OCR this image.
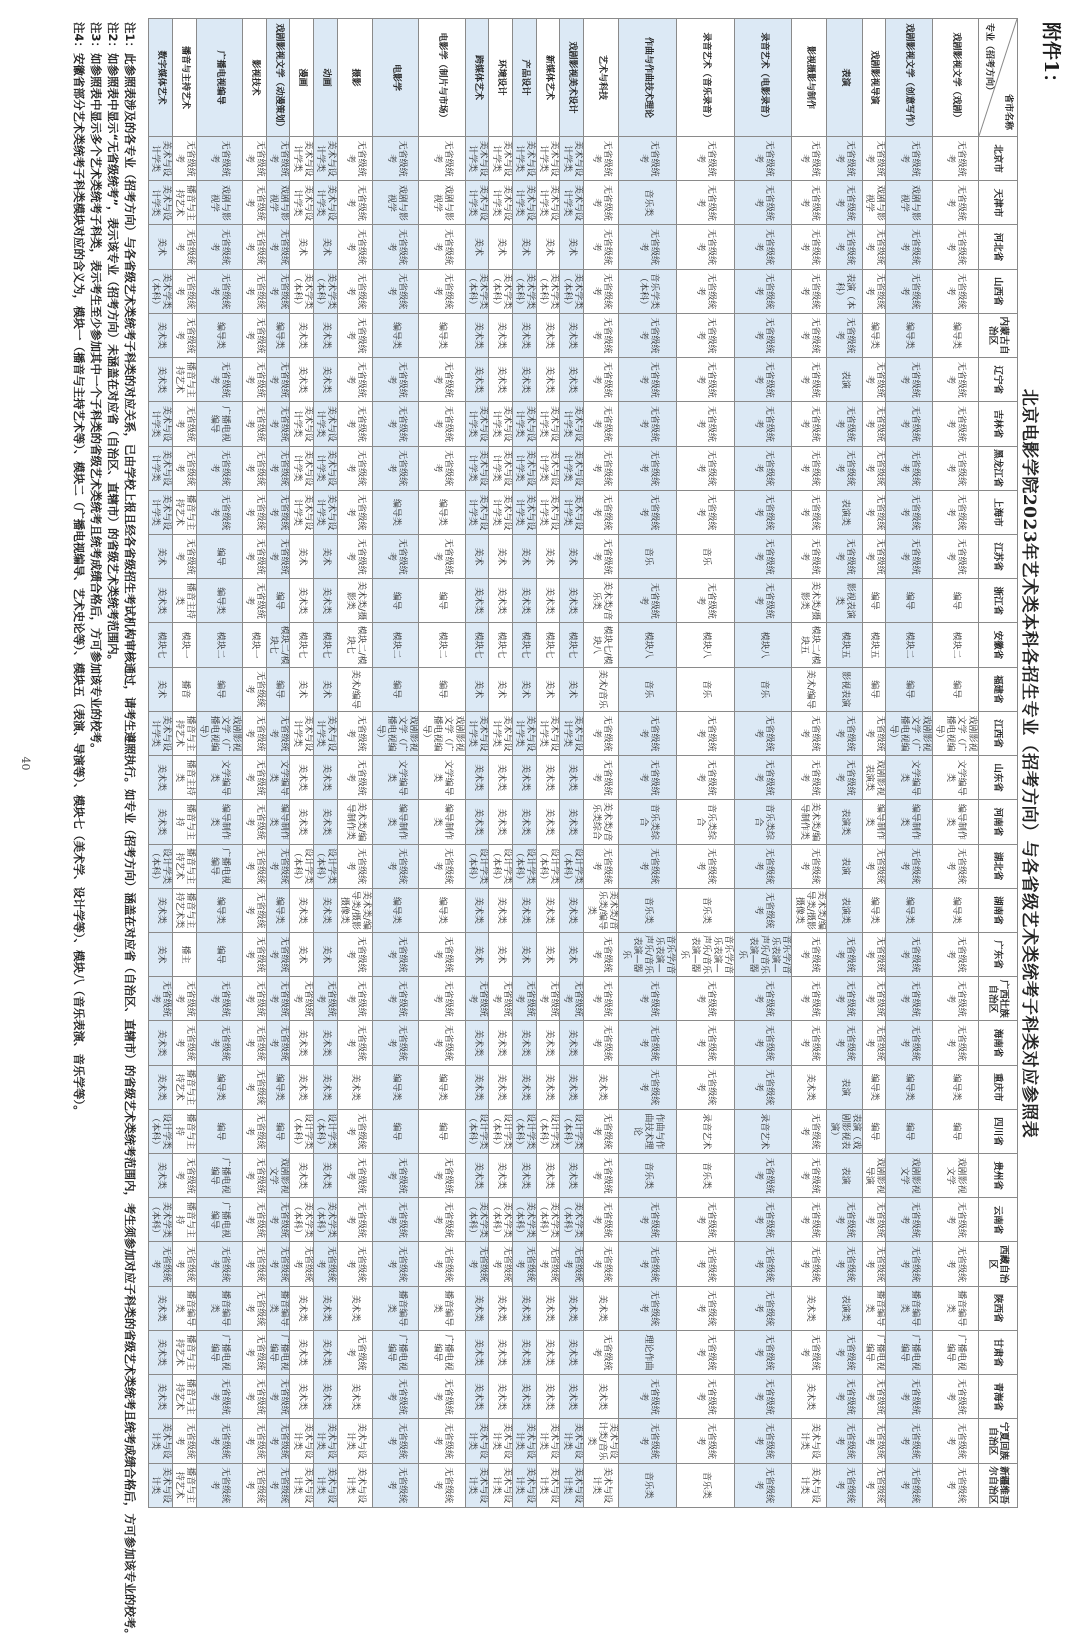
附件1：
北京电影学院2023年艺术类本科各招生专业（招考方向）与各省级艺术类统考子科类对应参照表
省市名称
专业（招考方向）	北京市	天津市	河北省	山西省	内蒙古自治区	辽宁省	吉林省	黑龙江省	上海市	江苏省	浙江省	安徽省	福建省	江西省	山东省	河南省	湖北省	湖南省	广东省	广西壮族自治区	海南省	重庆市	四川省	贵州省	云南省	西藏自治区	陕西省	甘肃省	青海省	宁夏回族自治区	新疆维吾尔自治区
戏剧影视文学（戏剧）	无省级统考	无省级统考	无省级统考	无省级统考	编导类	无省级统考	无省级统考	无省级统考	无省级统考	无省级统考	编导	模块二	编导	戏剧影视文学（广播电视编导）	文学编导类	编导制作类	无省级统考	编导类	无省级统考	无省级统考	无省级统考	编导类	编导	戏剧影视文学	无省级统考	无省级统考	播音编导类	广播电视编导	无省级统考	无省级统考	无省级统考
戏剧影视文学（创意写作）	无省级统考	戏剧与影视学	无省级统考	无省级统考	编导类	无省级统考	无省级统考	无省级统考	无省级统考	无省级统考	编导	模块二	编导	戏剧影视文学（广播电视编导）	文学编导类	编导制作类	无省级统考	编导类	无省级统考	无省级统考	无省级统考	编导类	编导	戏剧影视文学	无省级统考	无省级统考	播音编导类	广播电视编导	无省级统考	无省级统考	无省级统考
戏剧影视导演	无省级统考	戏剧与影视学	无省级统考	无省级统考	编导类	无省级统考	无省级统考	无省级统考	无省级统考	无省级统考	编导	模块五	编导	无省级统考	戏剧影视表演类	编导制作类	无省级统考	编导类	无省级统考	无省级统考	无省级统考	编导类	编导	戏剧影视导演	无省级统考	无省级统考	播音编导类	广播电视编导	无省级统考	无省级统考	无省级统考
表演	无省级统考	无省级统考	无省级统考	表演（本科）	无省级统考	表演	无省级统考	无省级统考	表演类	无省级统考	影视表演类	模块五	影视表演	无省级统考	无省级统考	表演类	表演	表演类	无省级统考	无省级统考	无省级统考	表演	表演（戏剧影视表演）	表演	无省级统考	无省级统考	表演类	无省级统考	无省级统考	无省级统考	无省级统考
影视摄影与制作	无省级统考	无省级统考	无省级统考	无省级统考	无省级统考	无省级统考	无省级统考	无省级统考	无省级统考	无省级统考	美术类/摄影类	模块二/模块五	美术/编导	无省级统考	无省级统考	美术类/编导制作类	无省级统考	美术类/编导类/摄影摄像类	无省级统考	无省级统考	无省级统考	美术类	无省级统考	无省级统考	无省级统考	无省级统考	美术类	无省级统考	美术类	美术与设计类	美术与设计类
录音艺术（电影录音）	无省级统考	无省级统考	无省级统考	无省级统考	无省级统考	无省级统考	无省级统考	无省级统考	无省级统考	无省级统考	无省级统考	模块八	音乐	无省级统考	无省级统考	音乐类综合	无省级统考	无省级统考	音乐学/音乐表演—声乐/音乐表演—器乐	无省级统考	无省级统考	无省级统考	录音艺术	无省级统考	无省级统考	无省级统考	无省级统考	无省级统考	无省级统考	无省级统考	无省级统考
录音艺术（音乐录音）	无省级统考	无省级统考	无省级统考	无省级统考	无省级统考	无省级统考	无省级统考	无省级统考	无省级统考	音乐	无省级统考	模块八	音乐	无省级统考	无省级统考	音乐类综合	无省级统考	音乐类	音乐学/音乐表演—声乐/音乐表演—器乐	无省级统考	无省级统考	无省级统考	录音艺术	音乐类	无省级统考	无省级统考	无省级统考	无省级统考	无省级统考	无省级统考	音乐类
作曲与作曲技术理论	无省级统考	音乐类	无省级统考	音乐学类（本科）	无省级统考	无省级统考	无省级统考	无省级统考	无省级统考	音乐	无省级统考	模块八	音乐	无省级统考	无省级统考	音乐类综合	无省级统考	音乐类	音乐学/音乐表演—声乐/音乐表演—器乐	无省级统考	无省级统考	无省级统考	作曲与作曲技术理论	音乐类	无省级统考	无省级统考	无省级统考	理论作曲	无省级统考	无省级统考	音乐类
艺术与科技	无省级统考	无省级统考	无省级统考	无省级统考	无省级统考	无省级统考	无省级统考	无省级统考	无省级统考	无省级统考	美术类/音乐类	模块七/模块八	美术/音乐	无省级统考	无省级统考	美术类/音乐类综合	无省级统考	美术类/音乐类/编导类	无省级统考	无省级统考	无省级统考	美术类	无省级统考	无省级统考	无省级统考	无省级统考	美术类	无省级统考	美术类	美术与设计类/音乐类	美术与设计类
戏剧影视美术设计	美术与设计学类	美术与设计学类	美术	美术学类（本科）	美术类	美术类	美术与设计学类	美术与设计学类	美术与设计学类	美术	美术类	模块七	美术	美术与设计学类	美术类	美术类	设计学类（本科）	美术类	美术	无省级统考	美术类	美术类	设计学类（本科）	美术类	美术学类（本科）	无省级统考	美术类	美术类	美术类	美术与设计类	美术与设计类
新媒体艺术	美术与设计学类	美术与设计学类	美术	美术学类（本科）	美术类	美术类	美术与设计学类	美术与设计学类	美术与设计学类	美术	美术类	模块七	美术	美术与设计学类	美术类	美术类	设计学类（本科）	美术类	美术	无省级统考	美术类	美术类	设计学类（本科）	美术类	美术学类（本科）	无省级统考	美术类	美术类	美术类	美术与设计类	美术与设计类
产品设计	美术与设计学类	美术与设计学类	美术	美术学类（本科）	美术类	美术类	美术与设计学类	美术与设计学类	美术与设计学类	美术	美术类	模块七	美术	美术与设计学类	美术类	美术类	设计学类（本科）	美术类	美术	无省级统考	美术类	美术类	设计学类（本科）	美术类	美术学类（本科）	无省级统考	美术类	美术类	美术类	美术与设计类	美术与设计类
环境设计	美术与设计学类	美术与设计学类	美术	美术学类（本科）	美术类	美术类	美术与设计学类	美术与设计学类	美术与设计学类	美术	美术类	模块七	美术	美术与设计学类	美术类	美术类	设计学类（本科）	美术类	美术	无省级统考	美术类	美术类	设计学类（本科）	美术类	美术学类（本科）	无省级统考	美术类	美术类	美术类	美术与设计类	美术与设计类
跨媒体艺术	美术与设计学类	美术与设计学类	美术	美术学类（本科）	美术类	美术类	美术与设计学类	美术与设计学类	美术与设计学类	美术	美术类	模块七	美术	美术与设计学类	美术类	美术类	设计学类（本科）	美术类	美术	无省级统考	美术类	美术类	设计学类（本科）	美术类	美术学类（本科）	无省级统考	美术类	美术类	美术类	美术与设计类	美术与设计类
电影学（制片与市场）	无省级统考	戏剧与影视学	无省级统考	无省级统考	编导类	无省级统考	无省级统考	无省级统考	编导类	无省级统考	编导	模块二	编导	戏剧影视文学（广播电视编导）	文学编导类	编导制作类	无省级统考	编导类	无省级统考	无省级统考	无省级统考	编导类	编导	无省级统考	无省级统考	无省级统考	播音编导类	广播电视编导	无省级统考	无省级统考	无省级统考
电影学	无省级统考	戏剧与影视学	无省级统考	无省级统考	编导类	无省级统考	无省级统考	无省级统考	编导类	无省级统考	编导	模块二	编导	戏剧影视文学（广播电视编导）	文学编导类	编导制作类	无省级统考	编导类	无省级统考	无省级统考	无省级统考	编导类	编导	无省级统考	无省级统考	无省级统考	播音编导类	广播电视编导	无省级统考	无省级统考	无省级统考
摄影	无省级统考	无省级统考	无省级统考	无省级统考	无省级统考	无省级统考	无省级统考	无省级统考	无省级统考	无省级统考	美术类/摄影类	模块二/模块七	美术/编导	无省级统考	无省级统考	美术类/编导制作类	无省级统考	美术类/编导类/摄影摄像类	无省级统考	无省级统考	无省级统考	美术类	无省级统考	无省级统考	无省级统考	无省级统考	美术类	无省级统考	美术类	美术与设计类	美术与设计类
动画	美术与设计学类	美术与设计学类	美术	美术学类（本科）	美术类	美术类	美术与设计学类	美术与设计学类	美术与设计学类	美术	美术类	模块七	美术	美术与设计学类	美术类	美术类	设计学类（本科）	美术类	美术	无省级统考	美术类	美术类	设计学类（本科）	美术类	美术学类（本科）	无省级统考	美术类	美术类	美术类	美术与设计类	美术与设计类
漫画	美术与设计学类	美术与设计学类	美术	美术学类（本科）	美术类	美术类	美术与设计学类	美术与设计学类	美术与设计学类	美术	美术类	模块七	美术	美术与设计学类	美术类	美术类	设计学类（本科）	美术类	美术	无省级统考	美术类	美术类	设计学类（本科）	美术类	美术学类（本科）	无省级统考	美术类	美术类	美术类	美术与设计类	美术与设计类
戏剧影视文学（动漫策划）	无省级统考	戏剧与影视学	无省级统考	无省级统考	编导类	无省级统考	无省级统考	无省级统考	无省级统考	无省级统考	编导	模块二/模块七	编导	无省级统考	文学编导类	编导制作类	无省级统考	编导类	无省级统考	无省级统考	无省级统考	编导类	编导	戏剧影视文学	无省级统考	无省级统考	播音编导类	广播电视编导	无省级统考	无省级统考	无省级统考
影视技术	无省级统考	无省级统考	无省级统考	无省级统考	无省级统考	无省级统考	无省级统考	无省级统考	无省级统考	无省级统考	无省级统考	模块一	无省级统考	无省级统考	无省级统考	无省级统考	无省级统考	无省级统考	无省级统考	无省级统考	无省级统考	无省级统考	无省级统考	无省级统考	无省级统考	无省级统考	无省级统考	无省级统考	无省级统考	无省级统考	无省级统考
广播电视编导	无省级统考	戏剧与影视学	无省级统考	无省级统考	编导类	无省级统考	广播电视编导	无省级统考	无省级统考	编导	编导类	模块二	编导	戏剧影视文学（广播电视编导）	文学编导类	编导制作类	广播电视编导	编导类	编导	无省级统考	无省级统考	编导类	编导	广播电视编导	广播电视编导	无省级统考	播音编导类	广播电视编导	无省级统考	无省级统考	无省级统考
播音与主持艺术	无省级统考	播音与主持艺术	无省级统考	无省级统考	无省级统考	播音与主持艺术	无省级统考	无省级统考	播音与主持艺术	无省级统考	播音主持类	模块一	播音	播音与主持艺术	播音主持类	播音与主持	播音与主持艺术	播音与主持艺术类	播主	无省级统考	无省级统考	播音与主持艺术	播音与主持	无省级统考	播音与主持	无省级统考	播音编导类	播音与主持艺术	播音与主持艺术	无省级统考	播音与主持艺术
数字媒体艺术	美术与设计学类	美术与设计学类	美术	美术学类（本科）	美术类	美术类	美术与设计学类	美术与设计学类	美术与设计学类	美术	美术类	模块七	美术	美术与设计学类	美术类	美术类	设计学类（本科）	美术类	美术	无省级统考	美术类	美术类	设计学类（本科）	美术类	美术学类（本科）	无省级统考	美术类	美术类	美术类	美术与设计类	美术与设计类
注1：此参照表涉及的各专业（招考方向）与各省级艺术类统考子科类的对应关系，已由学校上报且经各省级招生考试机构审核通过，请考生遵照执行。如专业（招考方向）涵盖在对应省（自治区、直辖市）的省级艺术类统考范围内，考生须参加对应子科类的省级艺术类统考且统考成绩合格后，方可参加该专业的校考。
注2：如参照表中显示“无省级统考”，表示该专业（招考方向）未涵盖在对应省（自治区、直辖市）的省级艺术类统考范围内。
注3：如参照表中显示多个艺术类统考子科类，表示考生至少参加其中一个子科类的省级艺术类统考且统考成绩合格后，方可参加该专业的校考。
注4：安徽省部分艺术类统考子科类模块对应的含义为，模块一（播音与主持艺术等）、模块二（广播电视编导、艺术史论等）、模块五（表演、导演等）、模块七（美术学、设计学等）、模块八（音乐表演、音乐学等）。
40
